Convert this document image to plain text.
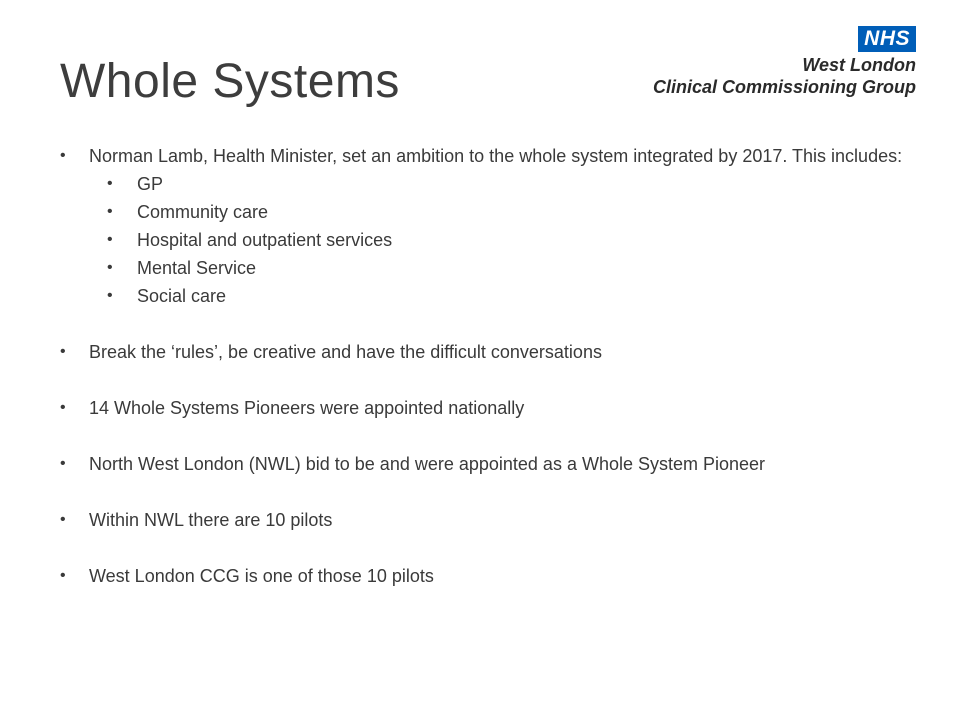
Whole Systems
NHS
West London
Clinical Commissioning Group

• Norman Lamb, Health Minister, set an ambition to the whole system integrated by 2017. This includes:

• GP

• Community care

• Hospital and outpatient services

• Mental Service

• Social care

• Break the ‘rules’, be creative and have the difficult conversations

• 14 Whole Systems Pioneers were appointed nationally

• North West London (NWL) bid to be and were appointed as a Whole System Pioneer

• Within NWL there are 10 pilots

• West London CCG is one of those 10 pilots
